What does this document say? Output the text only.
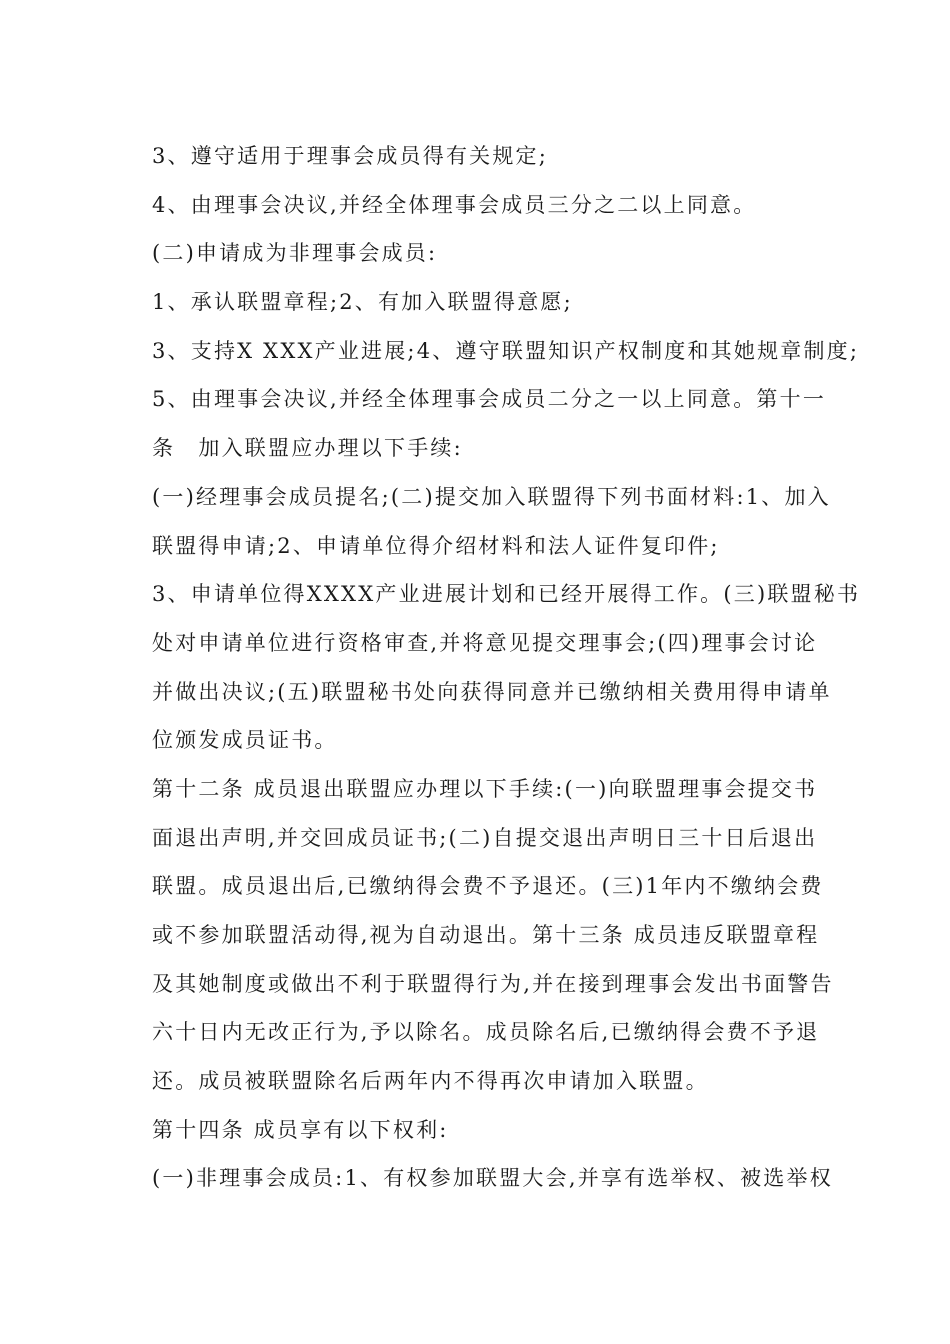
3、遵守适用于理事会成员得有关规定;
4、由理事会决议,并经全体理事会成员三分之二以上同意。
(二)申请成为非理事会成员:
1、承认联盟章程;2、有加入联盟得意愿;
3、支持X XXX产业进展;4、遵守联盟知识产权制度和其她规章制度;
5、由理事会决议,并经全体理事会成员二分之一以上同意。第十一
条　加入联盟应办理以下手续:
(一)经理事会成员提名;(二)提交加入联盟得下列书面材料:1、加入
联盟得申请;2、申请单位得介绍材料和法人证件复印件;
3、申请单位得XXXX产业进展计划和已经开展得工作。(三)联盟秘书
处对申请单位进行资格审查,并将意见提交理事会;(四)理事会讨论
并做出决议;(五)联盟秘书处向获得同意并已缴纳相关费用得申请单
位颁发成员证书。
第十二条 成员退出联盟应办理以下手续:(一)向联盟理事会提交书
面退出声明,并交回成员证书;(二)自提交退出声明日三十日后退出
联盟。成员退出后,已缴纳得会费不予退还。(三)1年内不缴纳会费
或不参加联盟活动得,视为自动退出。第十三条 成员违反联盟章程
及其她制度或做出不利于联盟得行为,并在接到理事会发出书面警告
六十日内无改正行为,予以除名。成员除名后,已缴纳得会费不予退
还。成员被联盟除名后两年内不得再次申请加入联盟。
第十四条 成员享有以下权利:
(一)非理事会成员:1、有权参加联盟大会,并享有选举权、被选举权
